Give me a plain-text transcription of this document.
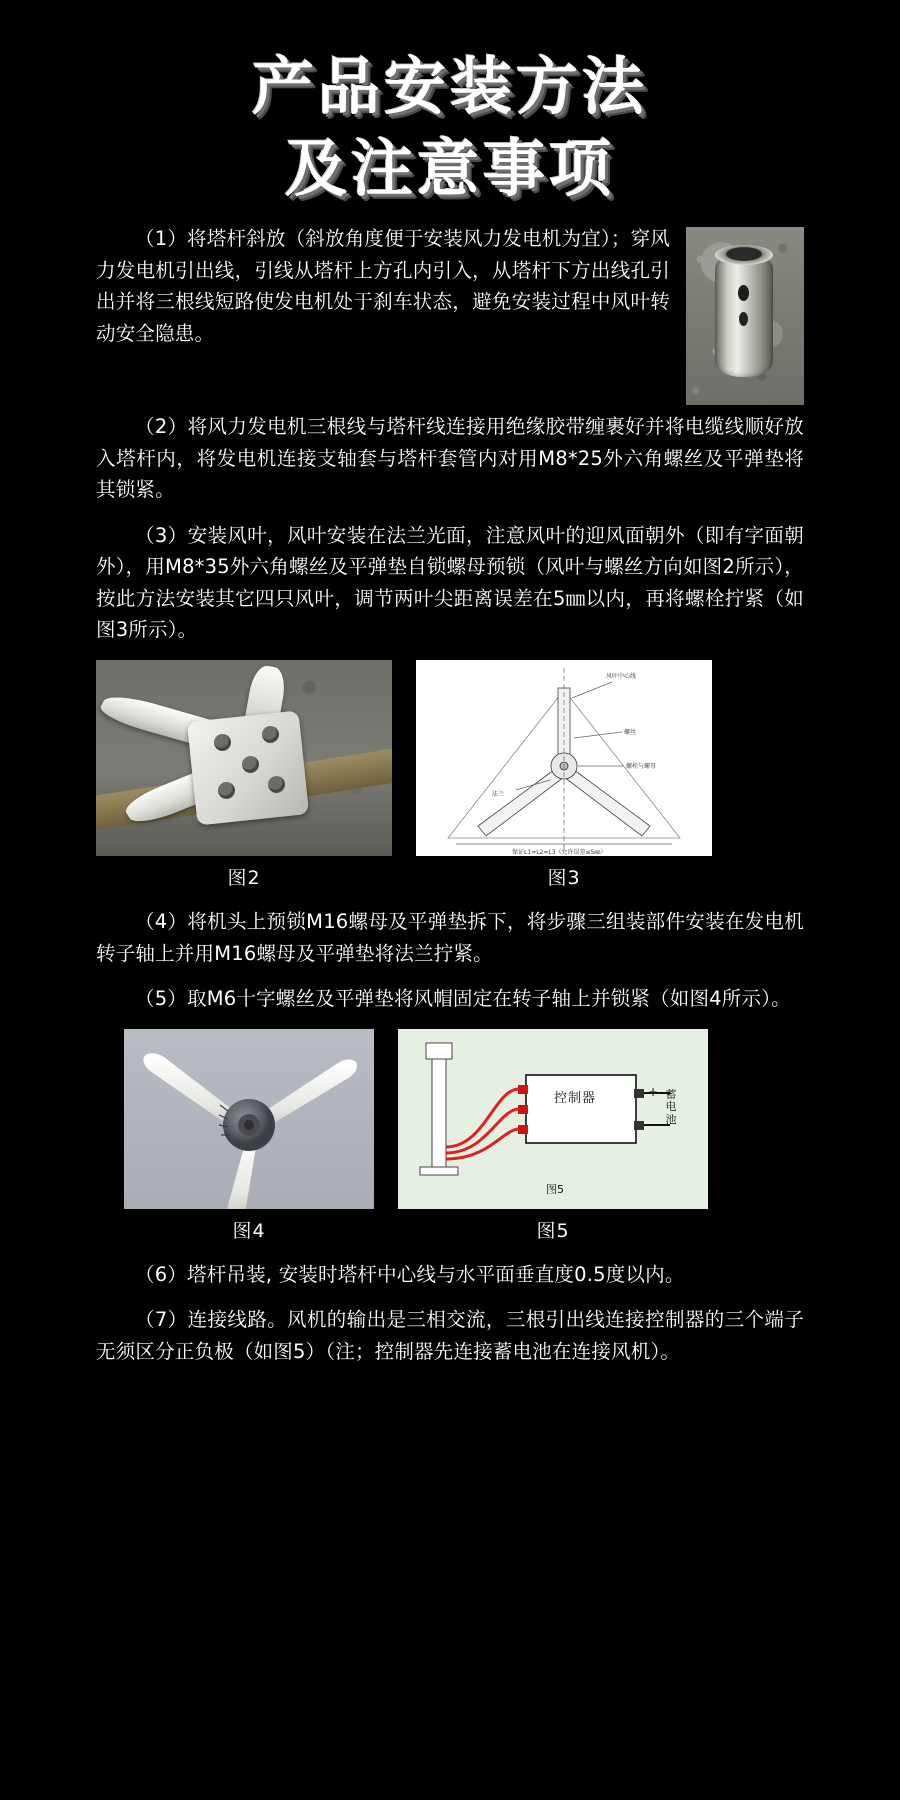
产品安装方法
及注意事项

（1）将塔杆斜放（斜放角度便于安装风力发电机为宜）；穿风力发电机引出线，引线从塔杆上方孔内引入，从塔杆下方出线孔引出并将三根线短路使发电机处于刹车状态，避免安装过程中风叶转动安全隐患。

（2）将风力发电机三根线与塔杆线连接用绝缘胶带缠裹好并将电缆线顺好放入塔杆内，将发电机连接支轴套与塔杆套管内对用M8*25外六角螺丝及平弹垫将其锁紧。

（3）安装风叶，风叶安装在法兰光面，注意风叶的迎风面朝外（即有字面朝外），用M8*35外六角螺丝及平弹垫自锁螺母预锁（风叶与螺丝方向如图2所示），按此方法安装其它四只风叶，调节两叶尖距离误差在5㎜以内，再将螺栓拧紧（如图3所示）。

图2
风叶中心线
螺丝
螺栓与螺母
法兰
保证L1=L2=L3（允许误差≤5㎜）
图3

（4）将机头上预锁M16螺母及平弹垫拆下，将步骤三组装部件安装在发电机转子轴上并用M16螺母及平弹垫将法兰拧紧。

（5）取M6十字螺丝及平弹垫将风帽固定在转子轴上并锁紧（如图4所示）。

图4
控制器	+
-
蓄电池
图5
图5

（6）塔杆吊装, 安装时塔杆中心线与水平面垂直度0.5度以内。

（7）连接线路。风机的输出是三相交流，三根引出线连接控制器的三个端子无须区分正负极（如图5）（注；控制器先连接蓄电池在连接风机）。
